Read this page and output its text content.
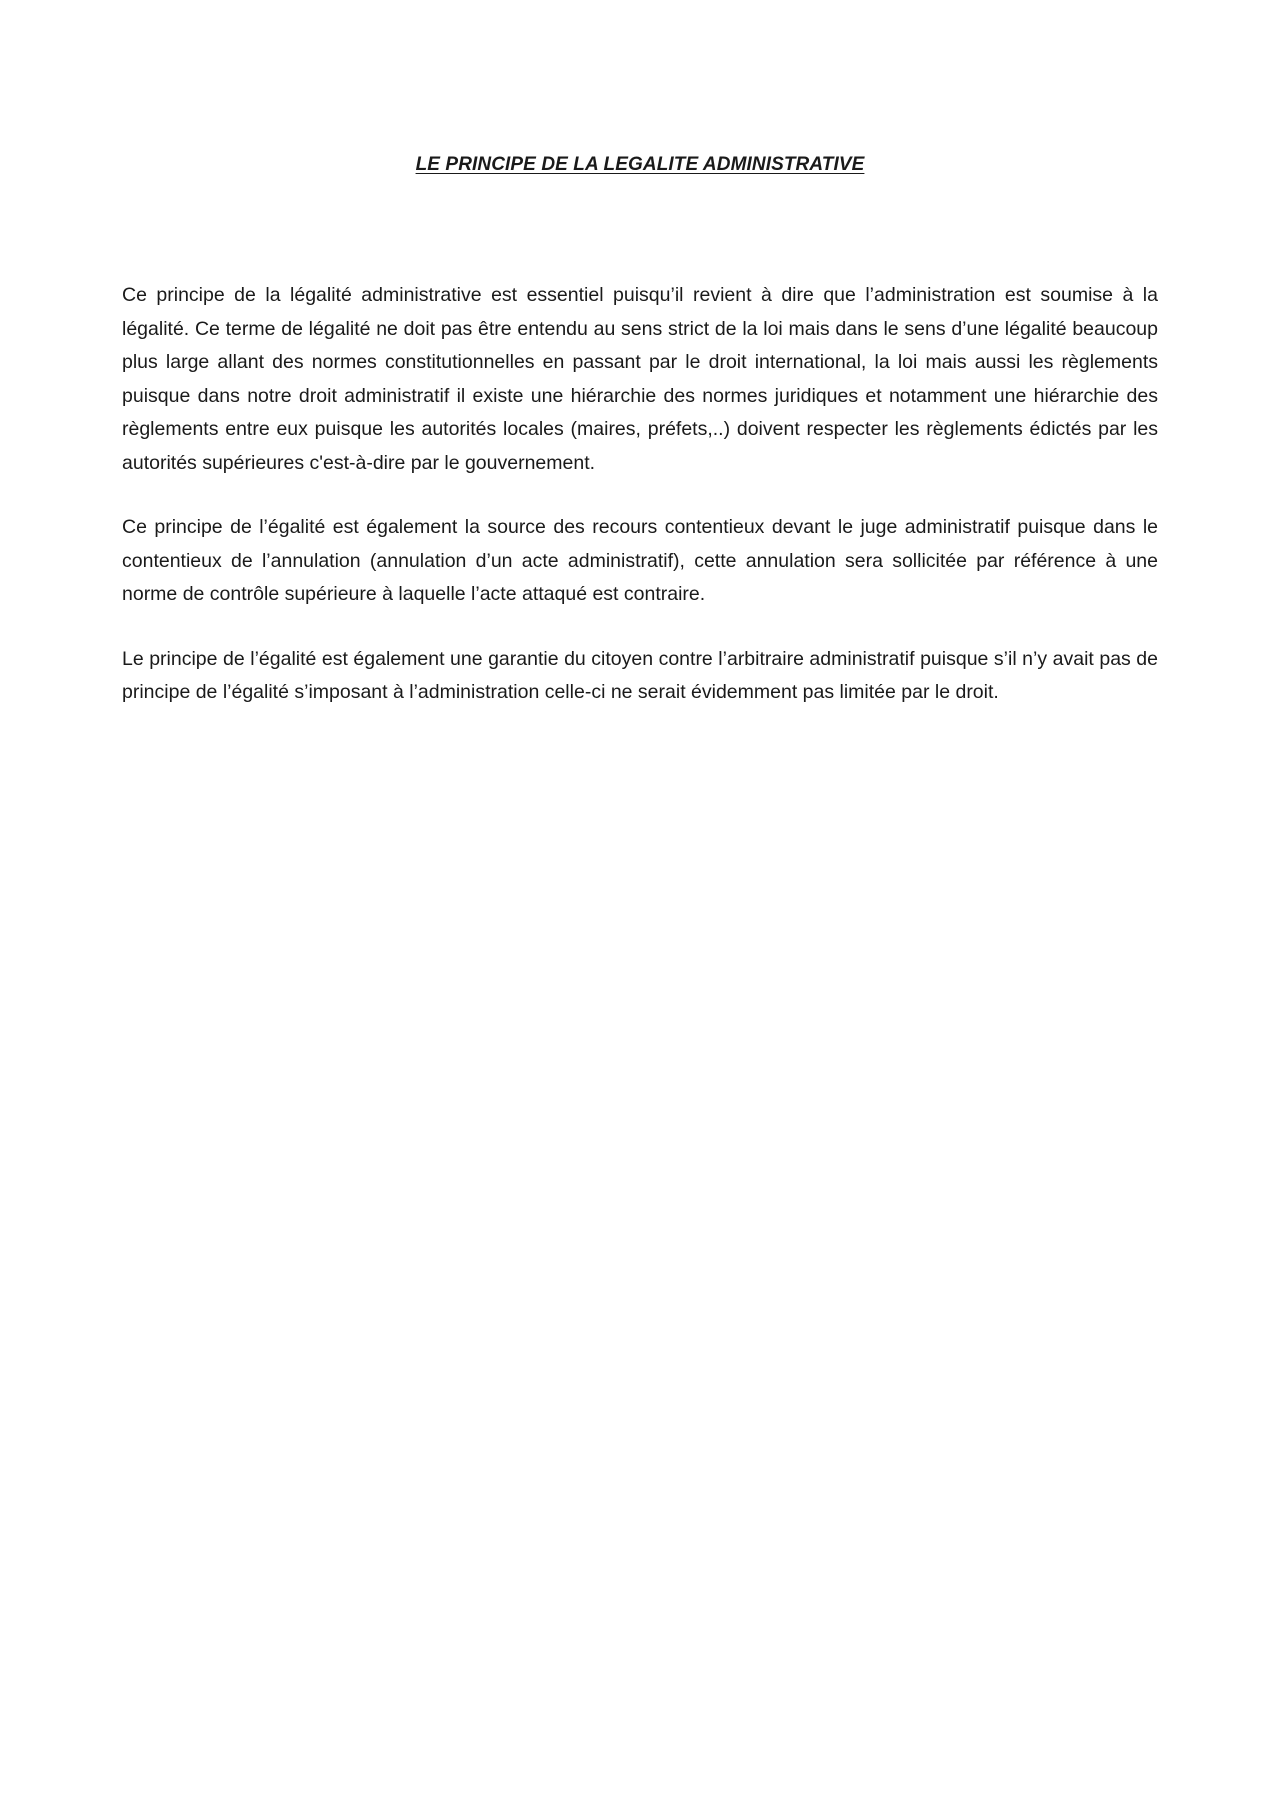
LE PRINCIPE DE LA LEGALITE ADMINISTRATIVE

Ce principe de la légalité administrative est essentiel puisqu’il revient à dire que l’administration est soumise à la légalité. Ce terme de légalité ne doit pas être entendu au sens strict de la loi mais dans le sens d’une légalité beaucoup plus large allant des normes constitutionnelles en passant par le droit international, la loi mais aussi les règlements puisque dans notre droit administratif il existe une hiérarchie des normes juridiques et notamment une hiérarchie des règlements entre eux puisque les autorités locales (maires, préfets,..) doivent respecter les règlements édictés par les autorités supérieures c'est-à-dire par le gouvernement.

Ce principe de l’égalité est également la source des recours contentieux devant le juge administratif puisque dans le contentieux de l’annulation (annulation d’un acte administratif), cette annulation sera sollicitée par référence à une norme de contrôle supérieure à laquelle l’acte attaqué est contraire.

Le principe de l’égalité est également une garantie du citoyen contre l’arbitraire administratif puisque s’il n’y avait pas de principe de l’égalité s’imposant à l’administration celle-ci ne serait évidemment pas limitée par le droit.
